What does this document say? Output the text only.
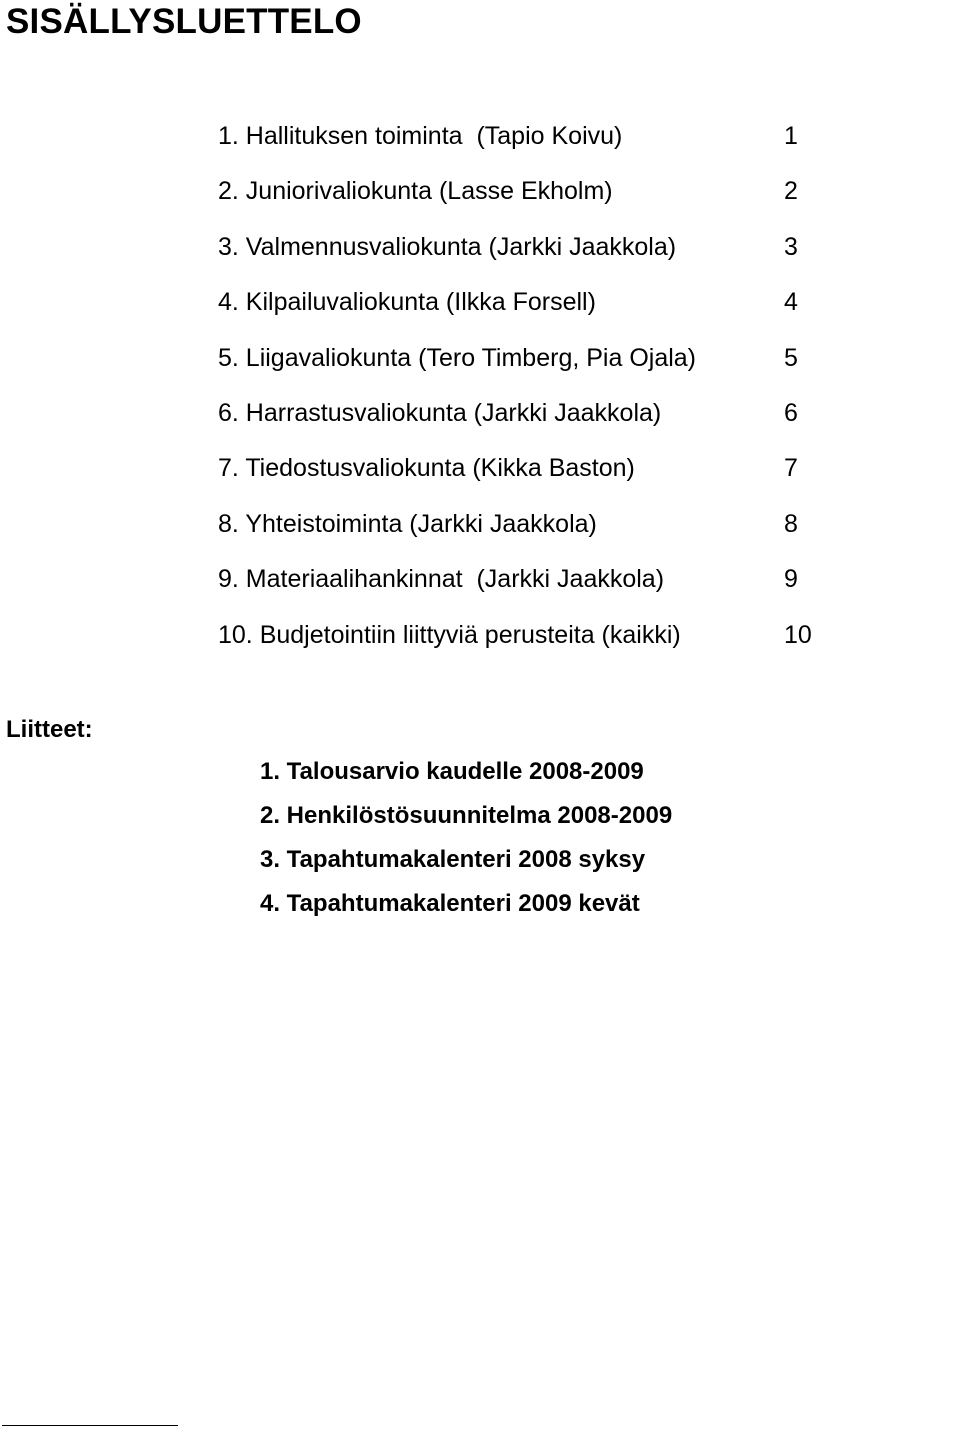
SISÄLLYSLUETTELO
1. Hallituksen toiminta  (Tapio Koivu)	1
2. Juniorivaliokunta (Lasse Ekholm)	2
3. Valmennusvaliokunta (Jarkki Jaakkola)	3
4. Kilpailuvaliokunta (Ilkka Forsell)	4
5. Liigavaliokunta (Tero Timberg, Pia Ojala)	5
6. Harrastusvaliokunta (Jarkki Jaakkola)	6
7. Tiedostusvaliokunta (Kikka Baston)	7
8. Yhteistoiminta (Jarkki Jaakkola)	8
9. Materiaalihankinnat  (Jarkki Jaakkola)	9
10. Budjetointiin liittyviä perusteita (kaikki)	10
Liitteet:
1. Talousarvio kaudelle 2008-2009
2. Henkilöstösuunnitelma 2008-2009
3. Tapahtumakalenteri 2008 syksy
4. Tapahtumakalenteri 2009 kevät
